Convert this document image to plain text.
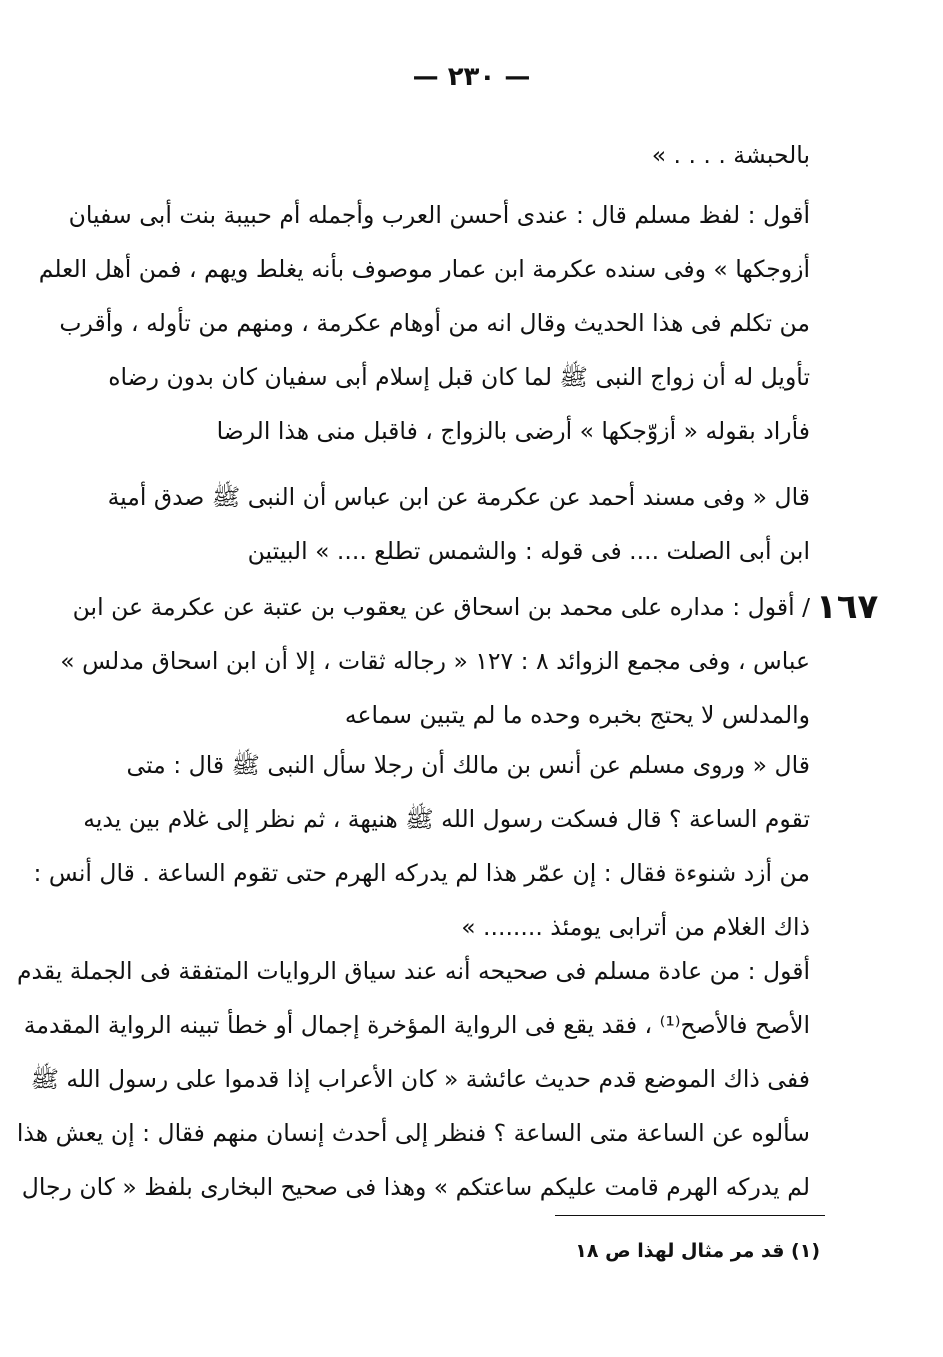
— ٢٣٠ —
بالحبشة . . . . »
أقول : لفظ مسلم قال : عندى أحسن العرب وأجمله أم حبيبة بنت أبى سفيان
أزوجكها » وفى سنده عكرمة ابن عمار موصوف بأنه يغلط ويهم ، فمن أهل العلم
من تكلم فى هذا الحديث وقال انه من أوهام عكرمة ، ومنهم من تأوله ، وأقرب
تأويل له أن زواج النبى ﷺ لما كان قبل إسلام أبى سفيان كان بدون رضاه
فأراد بقوله « أزوّجكها » أرضى بالزواج ، فاقبل منى هذا الرضا
قال « وفى مسند أحمد عن عكرمة عن ابن عباس أن النبى ﷺ صدق أمية
ابن أبى الصلت .... فى قوله : والشمس تطلع .... » البيتين
١٦٧
/ أقول : مداره على محمد بن اسحاق عن يعقوب بن عتبة عن عكرمة عن ابن
عباس ، وفى مجمع الزوائد ٨ : ١٢٧ « رجاله ثقات ، إلا أن ابن اسحاق مدلس »
والمدلس لا يحتج بخبره وحده ما لم يتبين سماعه
قال « وروى مسلم عن أنس بن مالك أن رجلا سأل النبى ﷺ قال : متى
تقوم الساعة ؟ قال فسكت رسول الله ﷺ هنيهة ، ثم نظر إلى غلام بين يديه
من أزد شنوءة فقال : إن عمّر هذا لم يدركه الهرم حتى تقوم الساعة . قال أنس :
ذاك الغلام من أترابى يومئذ ........ »
أقول : من عادة مسلم فى صحيحه أنه عند سياق الروايات المتفقة فى الجملة يقدم
الأصح فالأصح⁽¹⁾ ، فقد يقع فى الرواية المؤخرة إجمال أو خطأ تبينه الرواية المقدمة
ففى ذاك الموضع قدم حديث عائشة « كان الأعراب إذا قدموا على رسول الله ﷺ
سألوه عن الساعة متى الساعة ؟ فنظر إلى أحدث إنسان منهم فقال : إن يعش هذا
لم يدركه الهرم قامت عليكم ساعتكم » وهذا فى صحيح البخارى بلفظ « كان رجال
(١) قد مر مثال لهذا ص ١٨
